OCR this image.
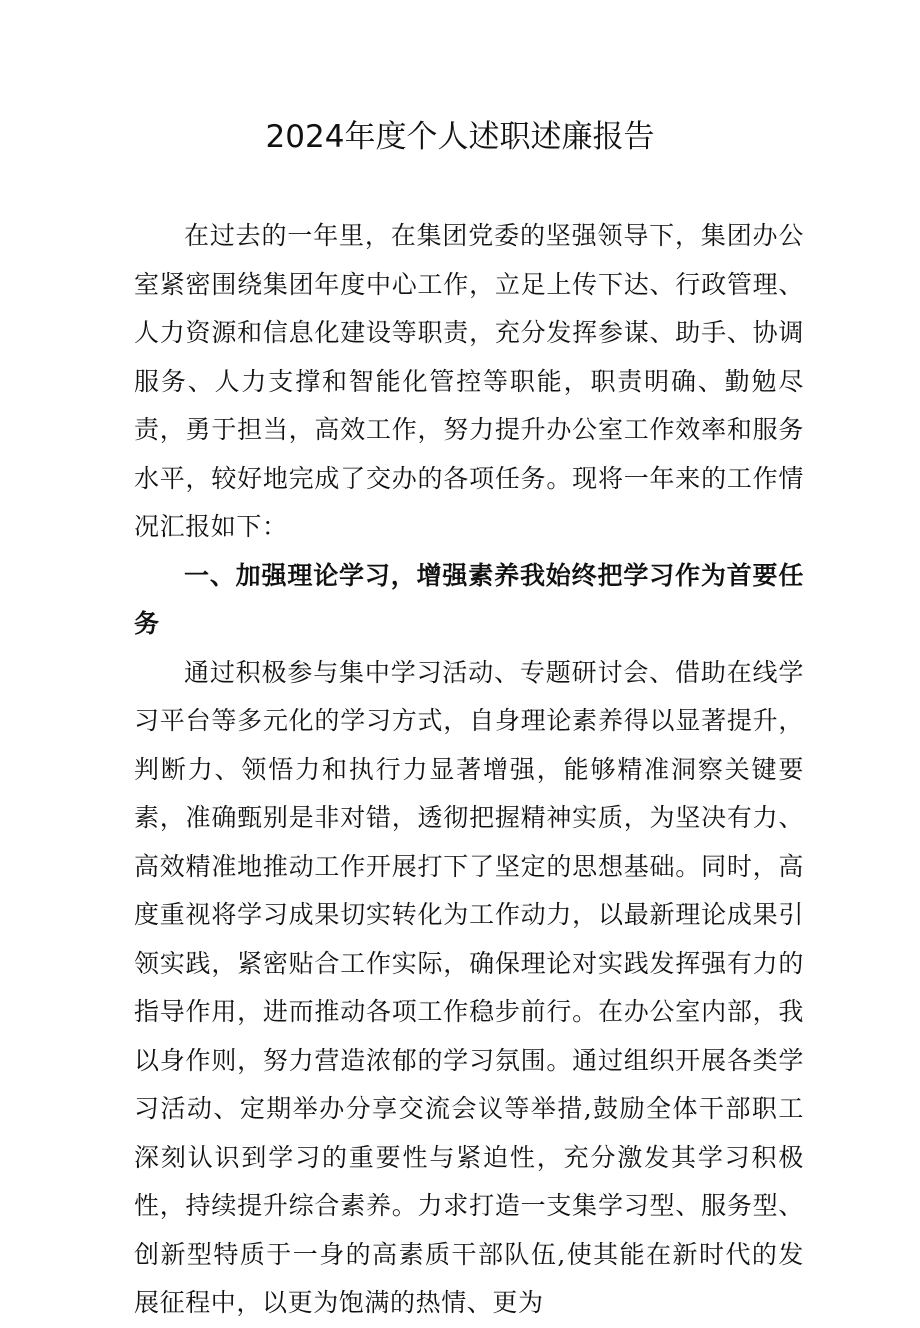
2024年度个人述职述廉报告

在过去的一年里，在集团党委的坚强领导下，集团办公室紧密围绕集团年度中心工作，立足上传下达、行政管理、人力资源和信息化建设等职责，充分发挥参谋、助手、协调服务、人力支撑和智能化管控等职能，职责明确、勤勉尽责，勇于担当，高效工作，努力提升办公室工作效率和服务水平，较好地完成了交办的各项任务。现将一年来的工作情况汇报如下：

一、加强理论学习，增强素养我始终把学习作为首要任务

通过积极参与集中学习活动、专题研讨会、借助在线学习平台等多元化的学习方式，自身理论素养得以显著提升，判断力、领悟力和执行力显著增强，能够精准洞察关键要素，准确甄别是非对错，透彻把握精神实质，为坚决有力、高效精准地推动工作开展打下了坚定的思想基础。同时，高度重视将学习成果切实转化为工作动力，以最新理论成果引领实践，紧密贴合工作实际，确保理论对实践发挥强有力的指导作用，进而推动各项工作稳步前行。在办公室内部，我以身作则，努力营造浓郁的学习氛围。通过组织开展各类学习活动、定期举办分享交流会议等举措,鼓励全体干部职工深刻认识到学习的重要性与紧迫性，充分激发其学习积极性，持续提升综合素养。力求打造一支集学习型、服务型、创新型特质于一身的高素质干部队伍,使其能在新时代的发展征程中，以更为饱满的热情、更为
